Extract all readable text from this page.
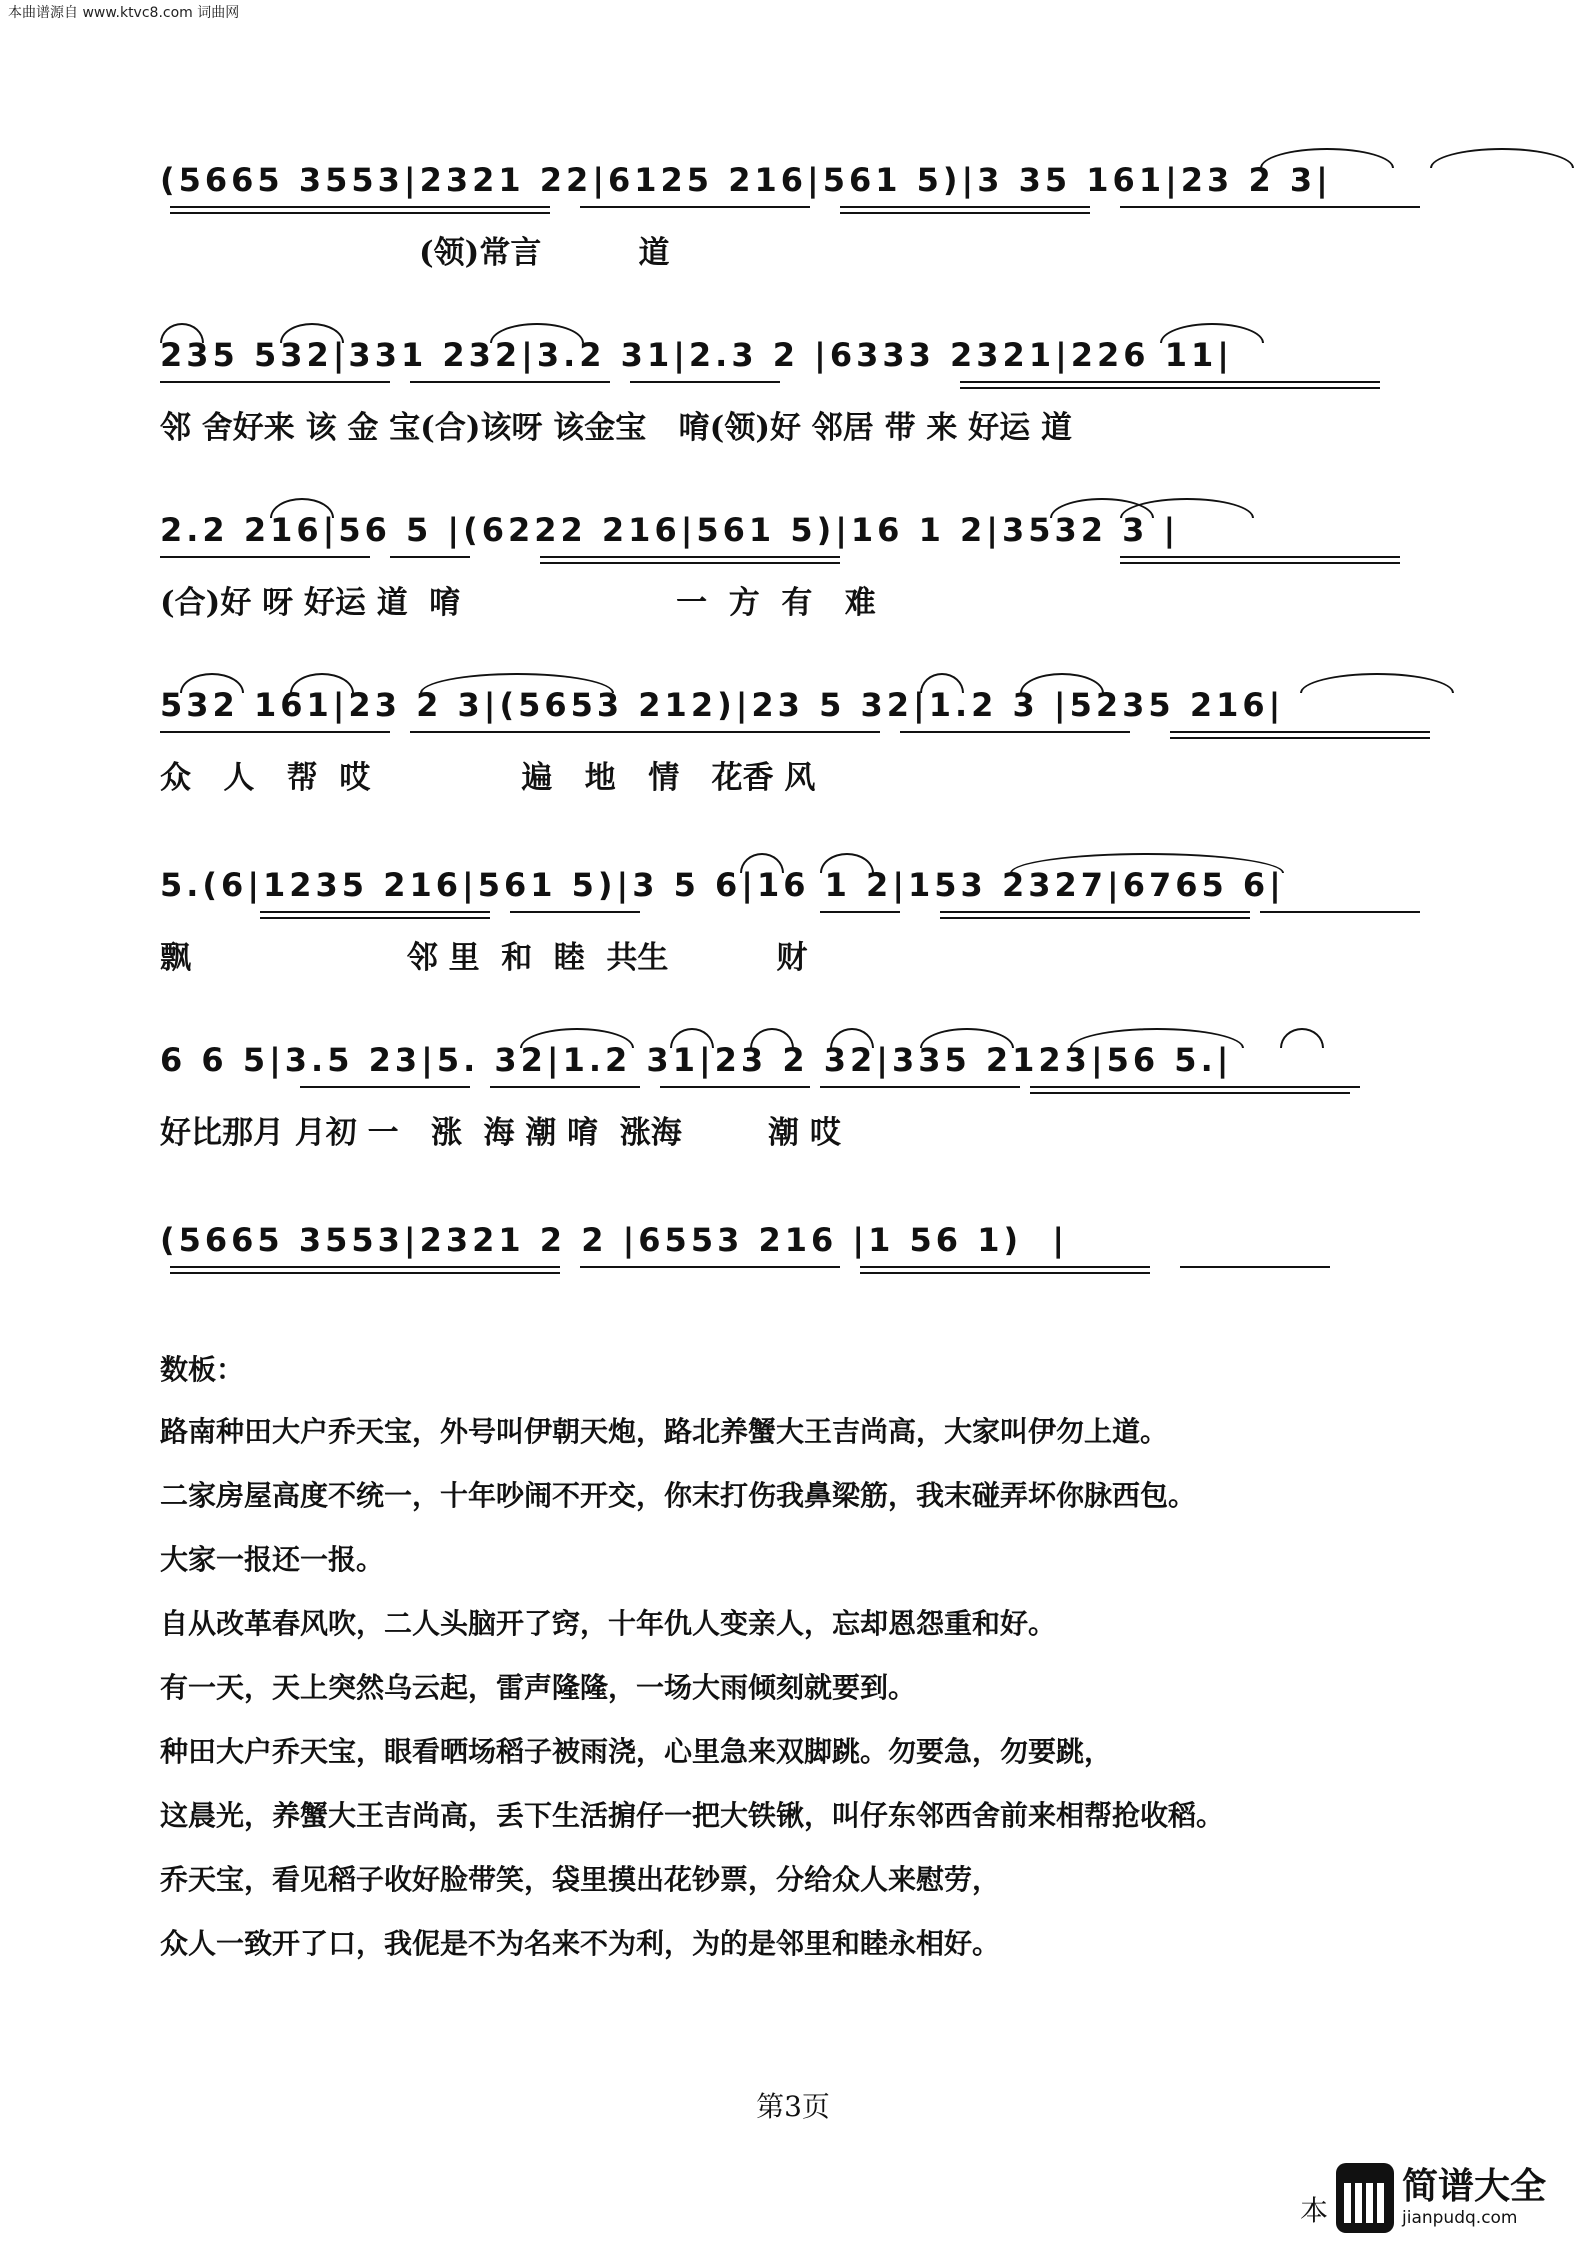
本曲谱源自 www.ktvc8.com 词曲网
(5665 3553|2321 22|6125 216|561 5)|3 35 161|23 2 3|
(领)常言         道
235 532|331 232|3.2 31|2.3 2 |6333 2321|226 11|
邻 舍好来 该 金 宝(合)该呀 该金宝   唷(领)好 邻居 带 来 好运 道
2.2 216|56 5 |(6222 216|561 5)|16 1 2|3532 3 |
(合)好 呀 好运 道  唷                    一  方  有   难
532 161|23 2 3|(5653 212)|23 5 32|1.2 3 |5235 216|
众   人   帮  哎              遍   地   情   花香 风
5.(6|1235 216|561 5)|3 5 6|16 1 2|153 2327|6765 6|
飘                    邻 里  和  睦  共生          财
6 6 5|3.5 23|5. 32|1.2 31|23 2 32|335 2123|56 5.|
好比那月 月初 一   涨  海 潮 唷  涨海        潮 哎
(5665 3553|2321 2 2 |6553 216 |1 56 1)  |
数板：
路南种田大户乔天宝，外号叫伊朝天炮，路北养蟹大王吉尚高，大家叫伊勿上道。
二家房屋高度不统一，十年吵闹不开交，你末打伤我鼻梁筋，我末碰弄坏你脉西包。
大家一报还一报。
自从改革春风吹，二人头脑开了窍，十年仇人变亲人，忘却恩怨重和好。
有一天，天上突然乌云起，雷声隆隆，一场大雨倾刻就要到。
种田大户乔天宝，眼看晒场稻子被雨浇，心里急来双脚跳。勿要急，勿要跳，
这晨光，养蟹大王吉尚高，丢下生活掮仔一把大铁锹，叫仔东邻西舍前来相帮抢收稻。
乔天宝，看见稻子收好脸带笑，袋里摸出花钞票，分给众人来慰劳，
众人一致开了口，我伲是不为名来不为利，为的是邻里和睦永相好。
第3页
本
简谱大全
jianpudq.com
